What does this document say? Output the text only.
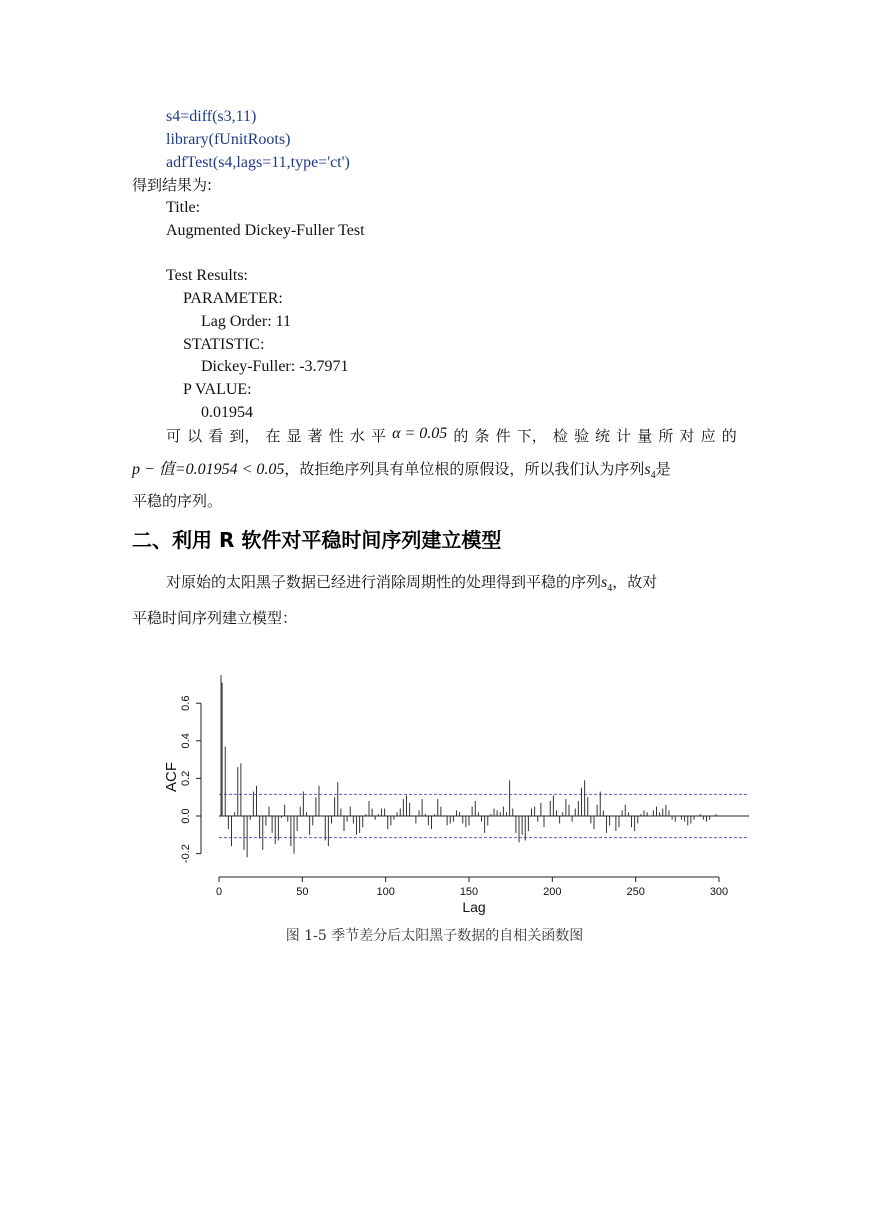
s4=diff(s3,11)
library(fUnitRoots)
adfTest(s4,lags=11,type='ct')
得到结果为:
Title:
Augmented Dickey-Fuller Test
Test Results:
PARAMETER:
Lag Order: 11
STATISTIC:
Dickey-Fuller: -3.7971
P VALUE:
0.01954
可 以 看 到， 在 显 著 性 水 平 α = 0.05 的 条 件 下， 检 验 统 计 量 所 对 应 的
p − 值=0.01954 < 0.05，故拒绝序列具有单位根的原假设，所以我们认为序列$s_4$是
平稳的序列。
二、利用 R 软件对平稳时间序列建立模型
对原始的太阳黑子数据已经进行消除周期性的处理得到平稳的序列$s_4$，故对
平稳时间序列建立模型：
0	50	100	150	200	250	300
-0.2
0.0
0.2
0.4
0.6
Lag
ACF
图 1-5 季节差分后太阳黑子数据的自相关函数图
